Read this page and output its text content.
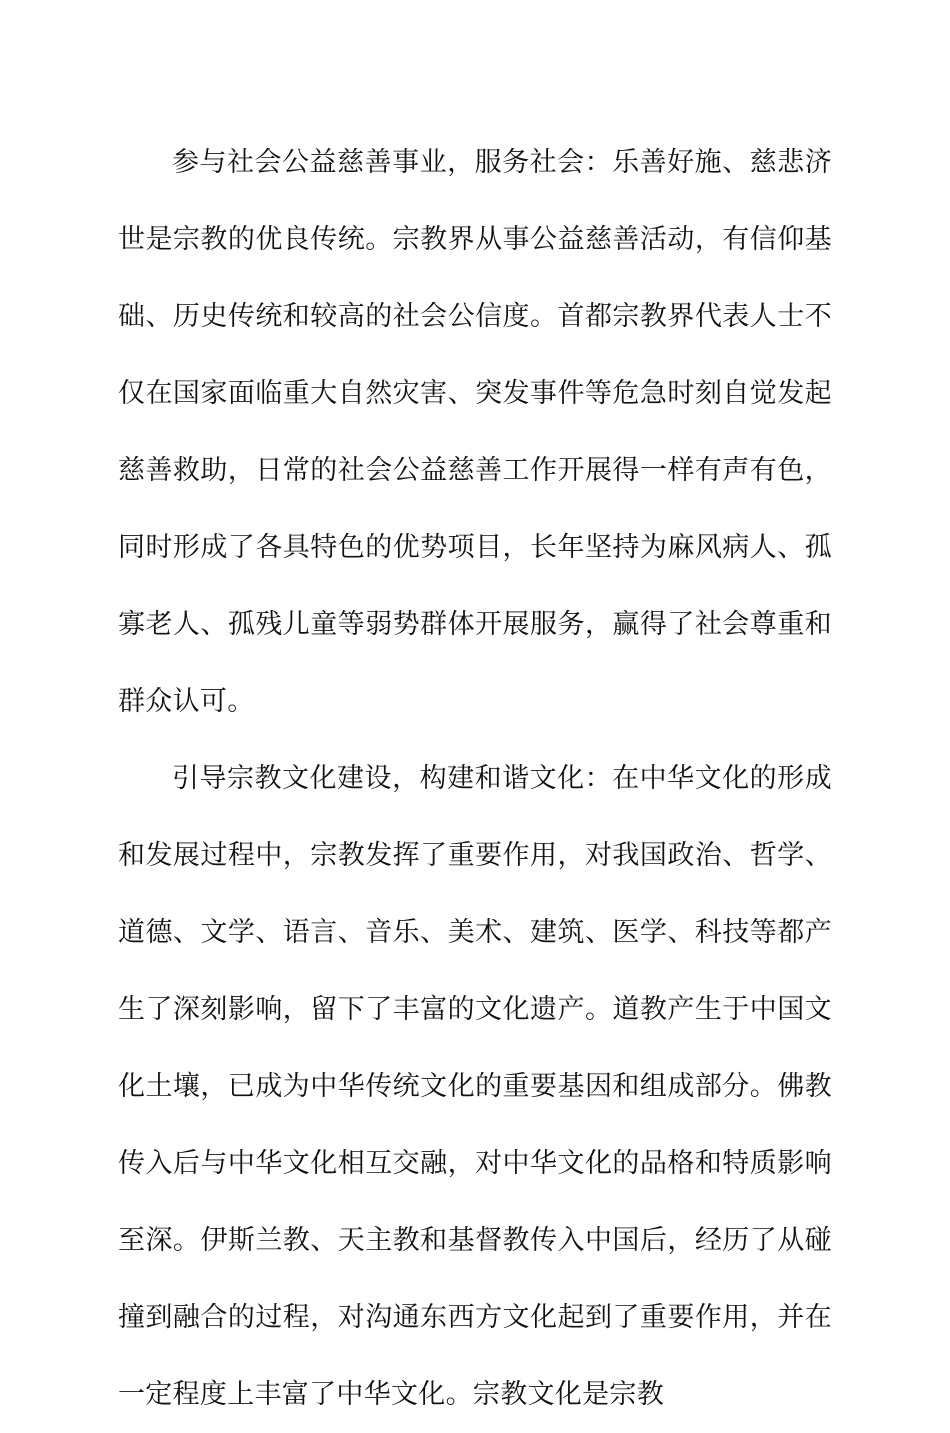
参与社会公益慈善事业，服务社会：乐善好施、慈悲济世是宗教的优良传统。宗教界从事公益慈善活动，有信仰基础、历史传统和较高的社会公信度。首都宗教界代表人士不仅在国家面临重大自然灾害、突发事件等危急时刻自觉发起慈善救助，日常的社会公益慈善工作开展得一样有声有色，同时形成了各具特色的优势项目，长年坚持为麻风病人、孤寡老人、孤残儿童等弱势群体开展服务，赢得了社会尊重和群众认可。

引导宗教文化建设，构建和谐文化：在中华文化的形成和发展过程中，宗教发挥了重要作用，对我国政治、哲学、道德、文学、语言、音乐、美术、建筑、医学、科技等都产生了深刻影响，留下了丰富的文化遗产。道教产生于中国文化土壤，已成为中华传统文化的重要基因和组成部分。佛教传入后与中华文化相互交融，对中华文化的品格和特质影响至深。伊斯兰教、天主教和基督教传入中国后，经历了从碰撞到融合的过程，对沟通东西方文化起到了重要作用，并在一定程度上丰富了中华文化。宗教文化是宗教
